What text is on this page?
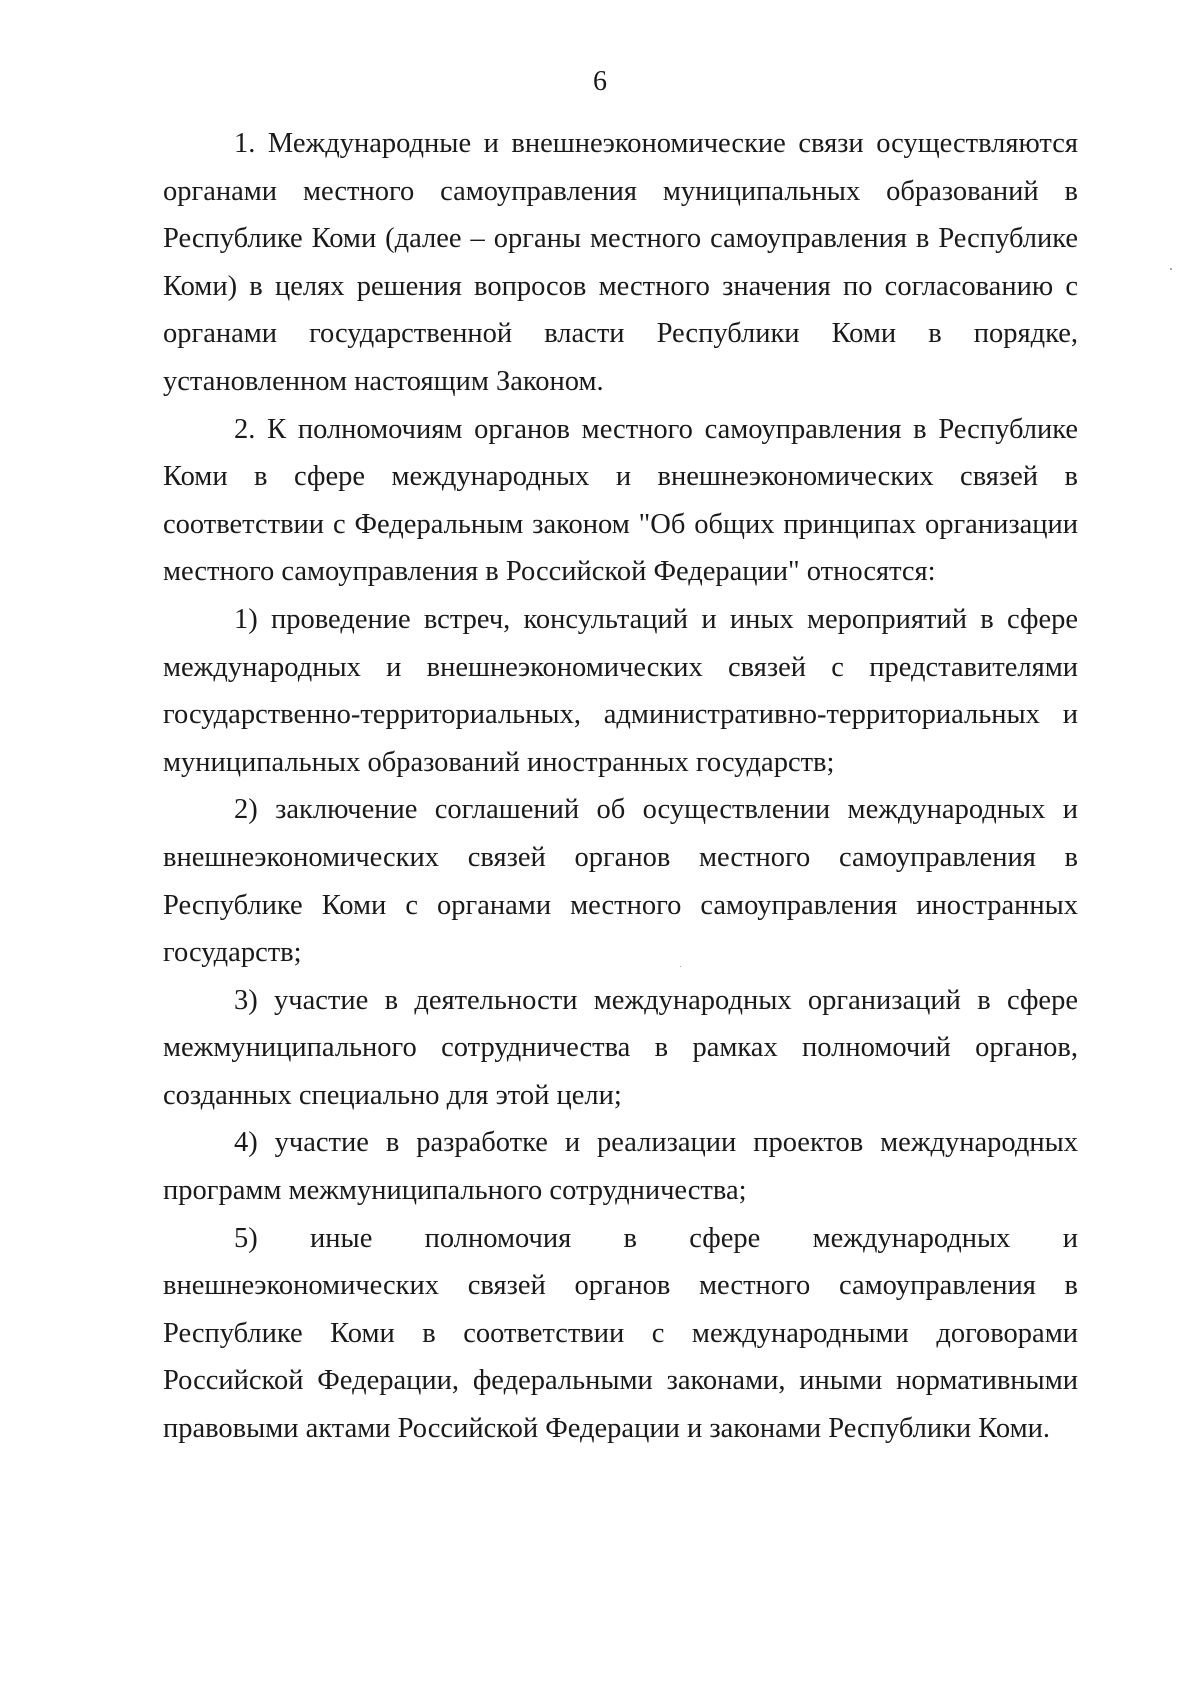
6

1. Международные и внешнеэкономические связи осуществляются органами местного самоуправления муниципальных образований в Республике Коми (далее – органы местного самоуправления в Республике Коми) в целях решения вопросов местного значения по согласованию с органами государственной власти Республики Коми в порядке, установленном настоящим Законом.

2. К полномочиям органов местного самоуправления в Республике Коми в сфере международных и внешнеэкономических связей в соответствии с Федеральным законом "Об общих принципах организации местного самоуправления в Российской Федерации" относятся:

1) проведение встреч, консультаций и иных мероприятий в сфере международных и внешнеэкономических связей с представителями государственно-территориальных, административно-территориальных и муниципальных образований иностранных государств;

2) заключение соглашений об осуществлении международных и внешнеэкономических связей органов местного самоуправления в Республике Коми с органами местного самоуправления иностранных государств;

3) участие в деятельности международных организаций в сфере межмуниципального сотрудничества в рамках полномочий органов, созданных специально для этой цели;

4) участие в разработке и реализации проектов международных программ межмуниципального сотрудничества;

5) иные полномочия в сфере международных и внешнеэкономических связей органов местного самоуправления в Республике Коми в соответствии с международными договорами Российской Федерации, федеральными законами, иными нормативными правовыми актами Российской Федерации и законами Республики Коми.
